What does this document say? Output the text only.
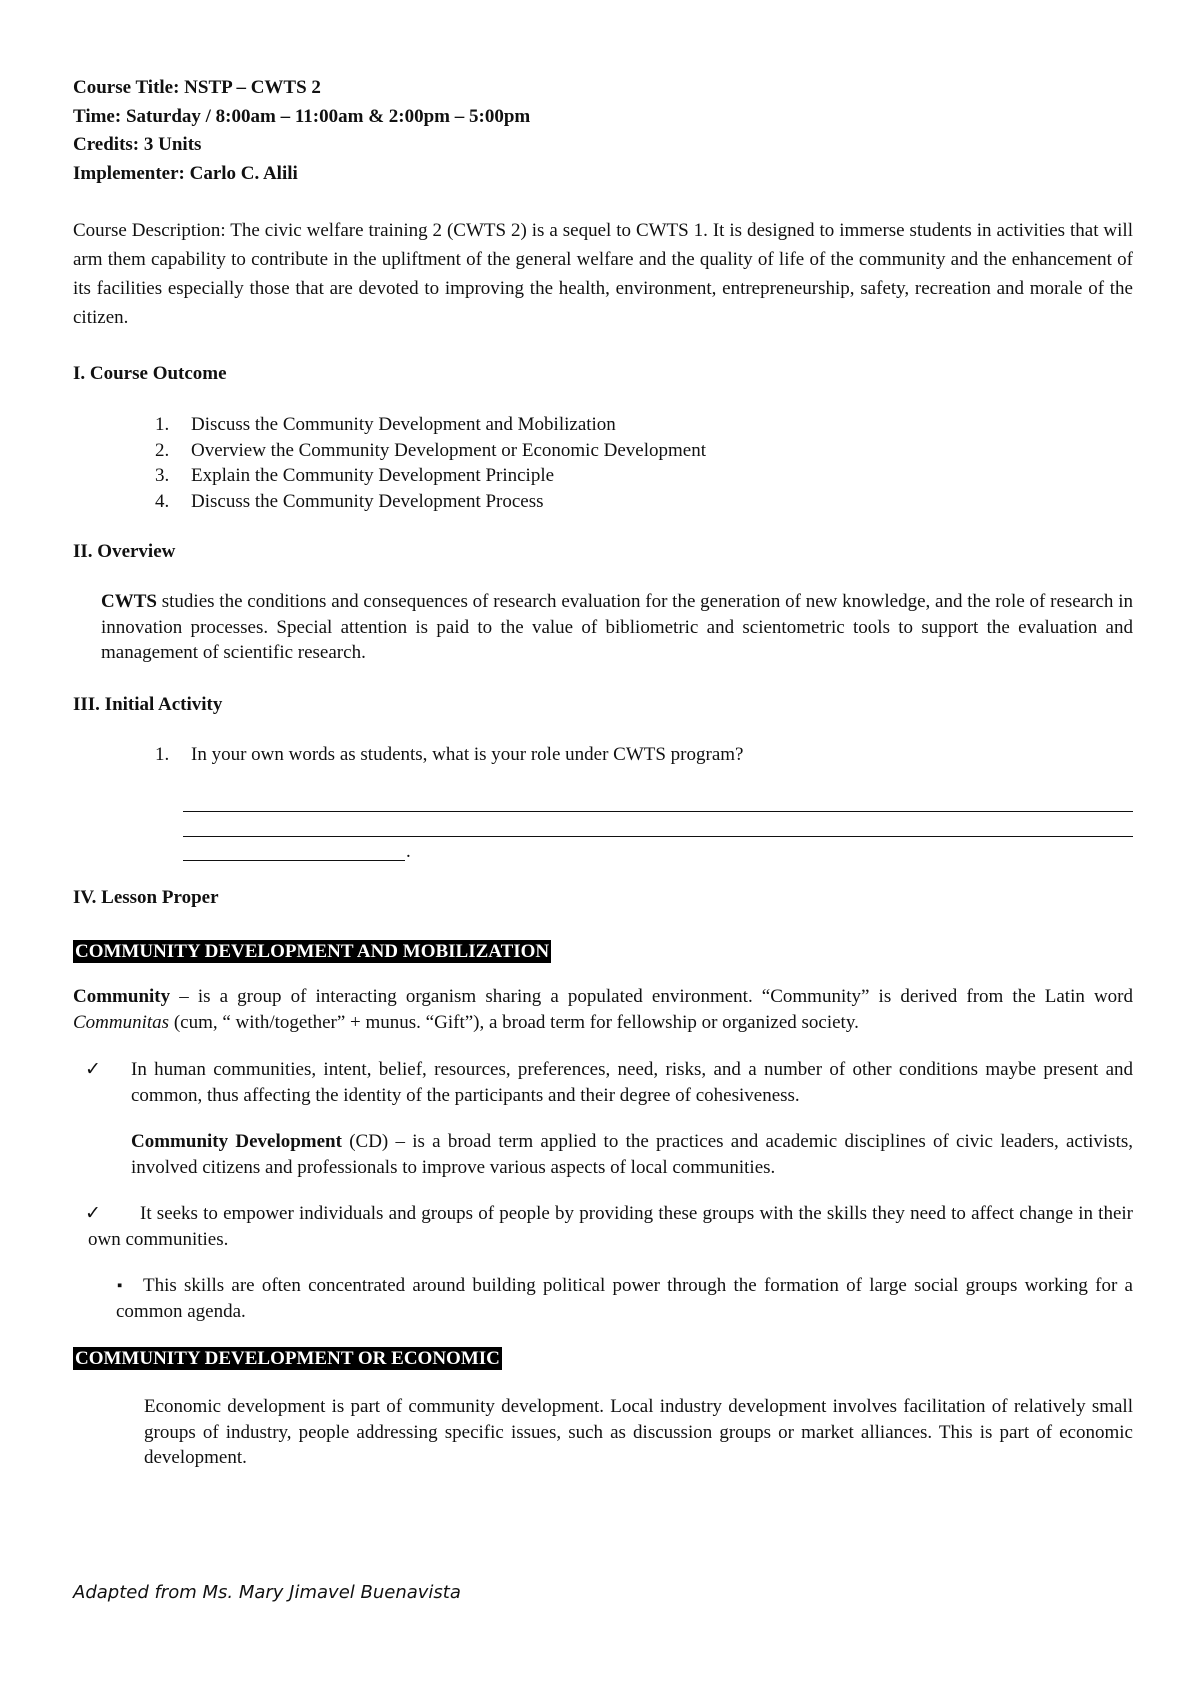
Course Title: NSTP – CWTS 2

Time: Saturday / 8:00am – 11:00am & 2:00pm – 5:00pm

Credits: 3 Units

Implementer: Carlo C. Alili

Course Description: The civic welfare training 2 (CWTS 2) is a sequel to CWTS 1. It is designed to immerse students in activities that will arm them capability to contribute in the upliftment of the general welfare and the quality of life of the community and the enhancement of its facilities especially those that are devoted to improving the health, environment, entrepreneurship, safety, recreation and morale of the citizen.

I. Course Outcome

1.	Discuss the Community Development and Mobilization
2.	Overview the Community Development or Economic Development
3.	Explain the Community Development Principle
4.	Discuss the Community Development Process

II. Overview

CWTS studies the conditions and consequences of research evaluation for the generation of new knowledge, and the role of research in innovation processes. Special attention is paid to the value of bibliometric and scientometric tools to support the evaluation and management of scientific research.

III. Initial Activity

1.	In your own words as students, what is your role under CWTS program?
.

IV. Lesson Proper

COMMUNITY DEVELOPMENT AND MOBILIZATION

Community – is a group of interacting organism sharing a populated environment. “Community” is derived from the Latin word Communitas (cum, “ with/together” + munus. “Gift”), a broad term for fellowship or organized society.

✓ In human communities, intent, belief, resources, preferences, need, risks, and a number of other conditions maybe present and common, thus affecting the identity of the participants and their degree of cohesiveness.

Community Development (CD) – is a broad term applied to the practices and academic disciplines of civic leaders, activists, involved citizens and professionals to improve various aspects of local communities.

✓	It seeks to empower individuals and groups of people by providing these groups with the skills they need to affect change in their own communities.

▪	This skills are often concentrated around building political power through the formation of large social groups working for a common agenda.

COMMUNITY DEVELOPMENT OR ECONOMIC

Economic development is part of community development. Local industry development involves facilitation of relatively small groups of industry, people addressing specific issues, such as discussion groups or market alliances. This is part of economic development.

Adapted from Ms. Mary Jimavel Buenavista
